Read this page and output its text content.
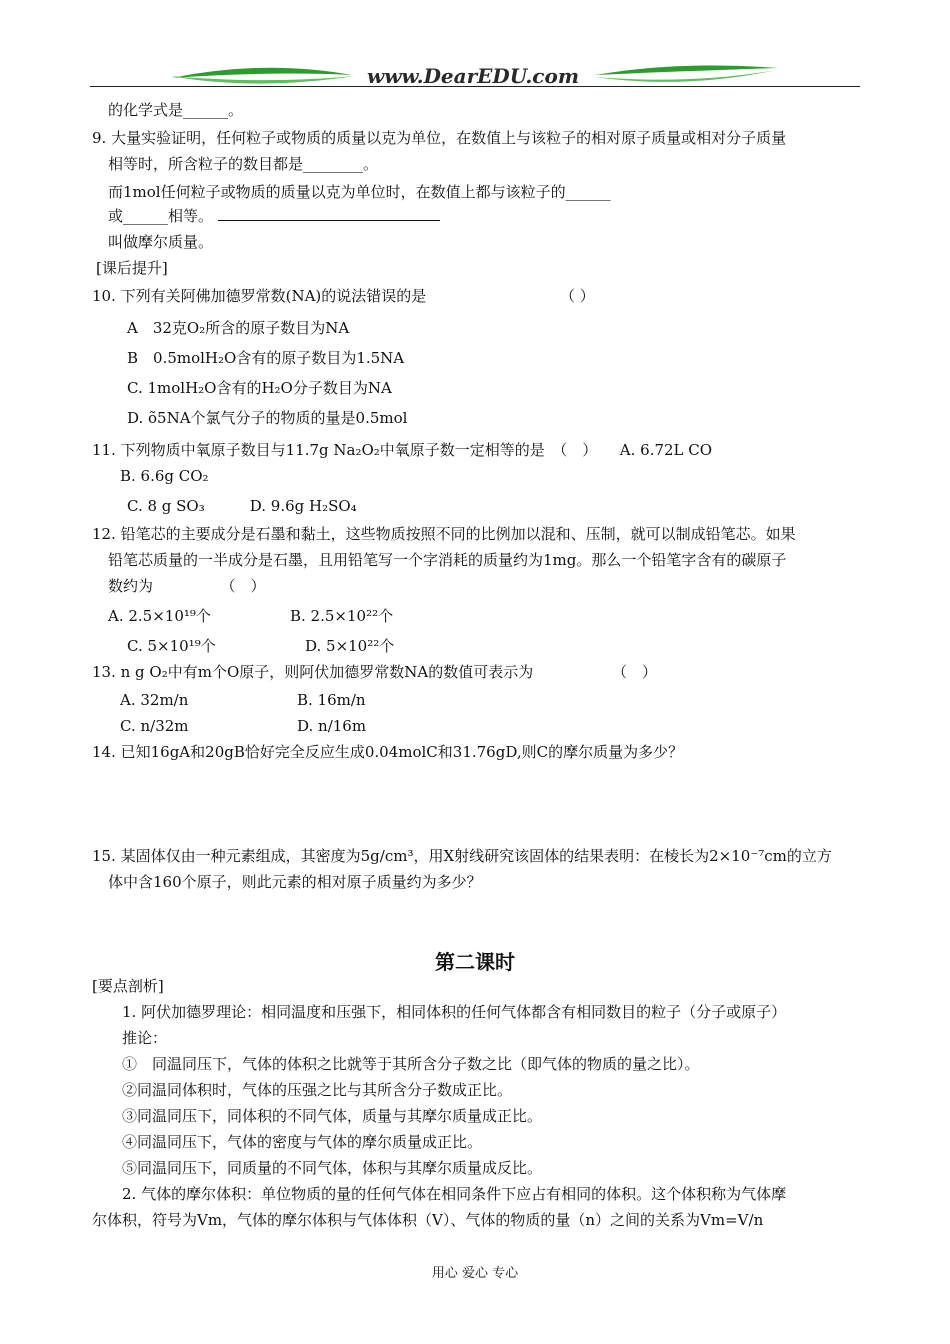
www.DearEDU.com
的化学式是______。
9. 大量实验证明，任何粒子或物质的质量以克为单位，在数值上与该粒子的相对原子质量或相对分子质量
相等时，所含粒子的数目都是________。
而1mol任何粒子或物质的质量以克为单位时，在数值上都与该粒子的______
或______相等。
叫做摩尔质量。
[课后提升]
10. 下列有关阿佛加德罗常数(NA)的说法错误的是	（ ）
A　32克O₂所含的原子数目为NA
B　0.5molH₂O含有的原子数目为1.5NA
C. 1molH₂O含有的H₂O分子数目为NA
D. õ5NA个氯气分子的物质的量是0.5mol
11. 下列物质中氧原子数目与11.7g Na₂O₂中氧原子数一定相等的是　（　）　　A. 6.72L CO
B. 6.6g CO₂
C. 8 g SO₃　　　D. 9.6g H₂SO₄
12. 铅笔芯的主要成分是石墨和黏土，这些物质按照不同的比例加以混和、压制，就可以制成铅笔芯。如果
铅笔芯质量的一半成分是石墨，且用铅笔写一个字消耗的质量约为1mg。那么一个铅笔字含有的碳原子
数约为　　　　　（　）
A. 2.5×10¹⁹个	B. 2.5×10²²个
C. 5×10¹⁹个	D. 5×10²²个
13. n g O₂中有m个O原子，则阿伏加德罗常数NA的数值可表示为	（　）
A. 32m/n	B. 16m/n
C. n/32m	D. n/16m
14. 已知16gA和20gB恰好完全反应生成0.04molC和31.76gD,则C的摩尔质量为多少？
15. 某固体仅由一种元素组成，其密度为5g/cm³，用X射线研究该固体的结果表明：在棱长为2×10⁻⁷cm的立方
体中含160个原子，则此元素的相对原子质量约为多少？
第二课时
[要点剖析]
1. 阿伏加德罗理论：相同温度和压强下，相同体积的任何气体都含有相同数目的粒子（分子或原子）
推论：
①　同温同压下，气体的体积之比就等于其所含分子数之比（即气体的物质的量之比）。
②同温同体积时，气体的压强之比与其所含分子数成正比。
③同温同压下，同体积的不同气体，质量与其摩尔质量成正比。
④同温同压下，气体的密度与气体的摩尔质量成正比。
⑤同温同压下，同质量的不同气体，体积与其摩尔质量成反比。
2. 气体的摩尔体积：单位物质的量的任何气体在相同条件下应占有相同的体积。这个体积称为气体摩
尔体积，符号为Vm，气体的摩尔体积与气体体积（V）、气体的物质的量（n）之间的关系为Vm=V/n
用心 爱心 专心
